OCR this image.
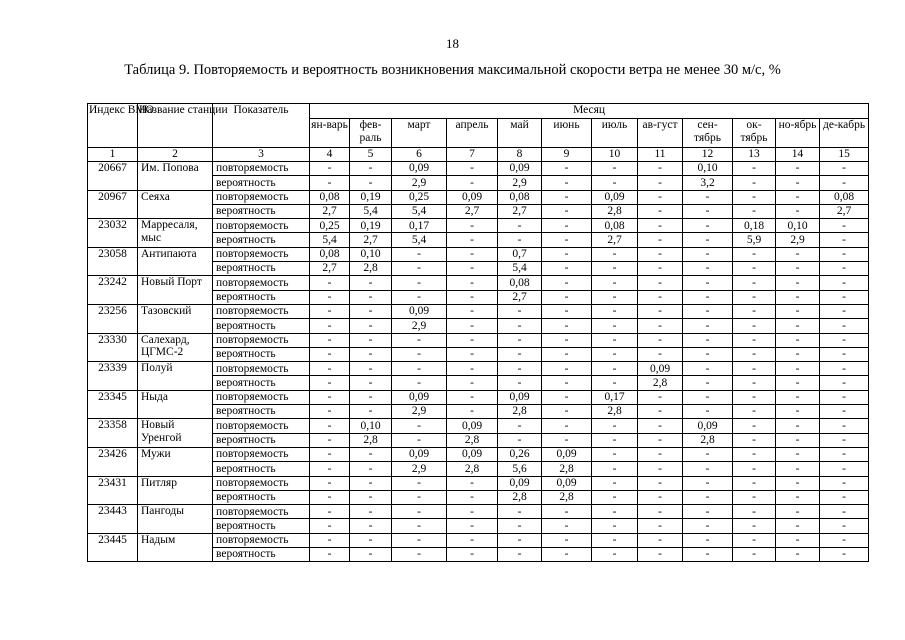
18
Таблица 9. Повторяемость и вероятность возникновения максимальной скорости ветра не менее 30 м/с, %
Индекс ВМО	Название станции	Показатель	Месяц											
			ян-варь	фев-раль	март	апрель	май	июнь	июль	ав-густ	сен-тябрь	ок-тябрь	но-ябрь	де-кабрь
1	2	3	4	5	6	7	8	9	10	11	12	13	14	15
20667	Им. Попова	повторяемость	-	-	0,09	-	0,09	-	-	-	0,10	-	-	-
		вероятность	-	-	2,9	-	2,9	-	-	-	3,2	-	-	-
20967	Сеяха	повторяемость	0,08	0,19	0,25	0,09	0,08	-	0,09	-	-	-	-	0,08
		вероятность	2,7	5,4	5,4	2,7	2,7	-	2,8	-	-	-	-	2,7
23032	Марресаля, мыс	повторяемость	0,25	0,19	0,17	-	-	-	0,08	-	-	0,18	0,10	-
		вероятность	5,4	2,7	5,4	-	-	-	2,7	-	-	5,9	2,9	-
23058	Антипаюта	повторяемость	0,08	0,10	-	-	0,7	-	-	-	-	-	-	-
		вероятность	2,7	2,8	-	-	5,4	-	-	-	-	-	-	-
23242	Новый Порт	повторяемость	-	-	-	-	0,08	-	-	-	-	-	-	-
		вероятность	-	-	-	-	2,7	-	-	-	-	-	-	-
23256	Тазовский	повторяемость	-	-	0,09	-	-	-	-	-	-	-	-	-
		вероятность	-	-	2,9	-	-	-	-	-	-	-	-	-
23330	Салехард, ЦГМС-2	повторяемость	-	-	-	-	-	-	-	-	-	-	-	-
		вероятность	-	-	-	-	-	-	-	-	-	-	-	-
23339	Полуй	повторяемость	-	-	-	-	-	-	-	0,09	-	-	-	-
		вероятность	-	-	-	-	-	-	-	2,8	-	-	-	-
23345	Ныда	повторяемость	-	-	0,09	-	0,09	-	0,17	-	-	-	-	-
		вероятность	-	-	2,9	-	2,8	-	2,8	-	-	-	-	-
23358	Новый Уренгой	повторяемость	-	0,10	-	0,09	-	-	-	-	0,09	-	-	-
		вероятность	-	2,8	-	2,8	-	-	-	-	2,8	-	-	-
23426	Мужи	повторяемость	-	-	0,09	0,09	0,26	0,09	-	-	-	-	-	-
		вероятность	-	-	2,9	2,8	5,6	2,8	-	-	-	-	-	-
23431	Питляр	повторяемость	-	-	-	-	0,09	0,09	-	-	-	-	-	-
		вероятность	-	-	-	-	2,8	2,8	-	-	-	-	-	-
23443	Пангоды	повторяемость	-	-	-	-	-	-	-	-	-	-	-	-
		вероятность	-	-	-	-	-	-	-	-	-	-	-	-
23445	Надым	повторяемость	-	-	-	-	-	-	-	-	-	-	-	-
		вероятность	-	-	-	-	-	-	-	-	-	-	-	-
